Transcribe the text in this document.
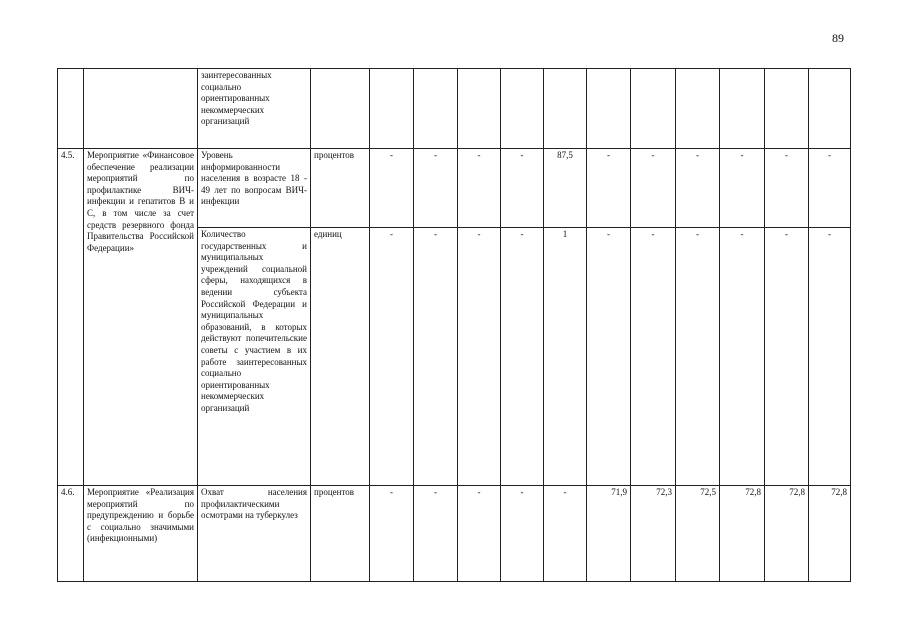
89
		заинтересованных социально ориентированных некоммерческих организаций												
4.5.	Мероприятие «Финансовое обеспечение реализации мероприятий по профилактике ВИЧ-инфекции и гепатитов В и С, в том числе за счет средств резервного фонда Правительства Российской Федерации»	Уровень информированности населения в возрасте 18 - 49 лет по вопросам ВИЧ-инфекции	процентов	-	-	-	-	87,5	-	-	-	-	-	-
		Количество государственных и муниципальных учреждений социальной сферы, находящихся в ведении субъекта Российской Федерации и муниципальных образований, в которых действуют попечительские советы с участием в их работе заинтересованных социально ориентированных некоммерческих организаций	единиц	-	-	-	-	1	-	-	-	-	-	-
4.6.	Мероприятие «Реализация мероприятий по предупреждению и борьбе с социально значимыми (инфекционными)	Охват населения профилактическими осмотрами на туберкулез	процентов	-	-	-	-	-	71,9	72,3	72,5	72,8	72,8	72,8
